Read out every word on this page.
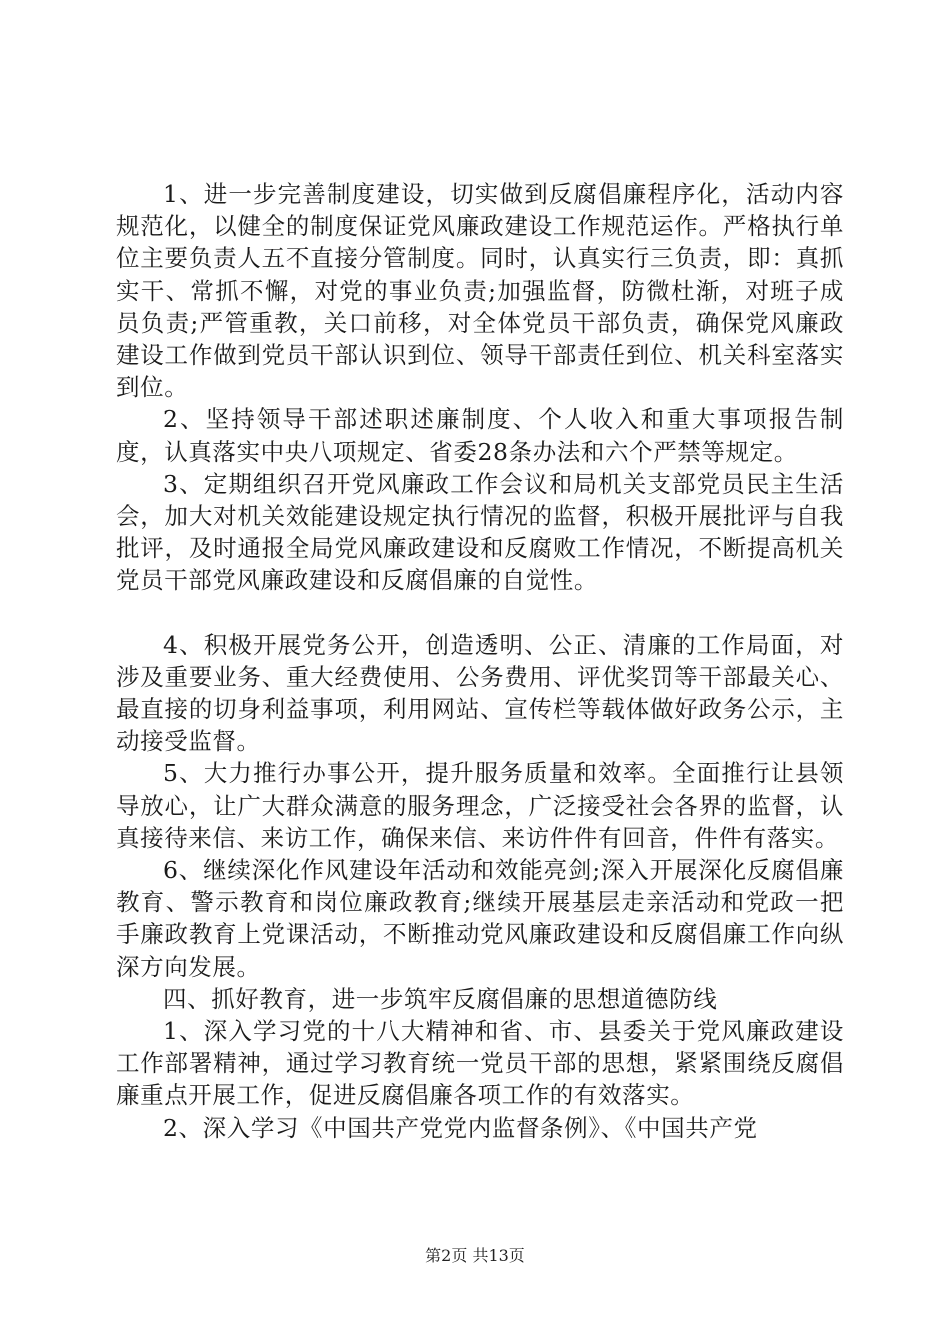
1、进一步完善制度建设，切实做到反腐倡廉程序化，活动内容规范化，以健全的制度保证党风廉政建设工作规范运作。严格执行单位主要负责人五不直接分管制度。同时，认真实行三负责，即：真抓实干、常抓不懈，对党的事业负责;加强监督，防微杜渐，对班子成员负责;严管重教，关口前移，对全体党员干部负责，确保党风廉政建设工作做到党员干部认识到位、领导干部责任到位、机关科室落实到位。

2、坚持领导干部述职述廉制度、个人收入和重大事项报告制度，认真落实中央八项规定、省委28条办法和六个严禁等规定。

3、定期组织召开党风廉政工作会议和局机关支部党员民主生活会，加大对机关效能建设规定执行情况的监督，积极开展批评与自我批评，及时通报全局党风廉政建设和反腐败工作情况，不断提高机关党员干部党风廉政建设和反腐倡廉的自觉性。

4、积极开展党务公开，创造透明、公正、清廉的工作局面，对涉及重要业务、重大经费使用、公务费用、评优奖罚等干部最关心、最直接的切身利益事项，利用网站、宣传栏等载体做好政务公示，主动接受监督。

5、大力推行办事公开，提升服务质量和效率。全面推行让县领导放心，让广大群众满意的服务理念，广泛接受社会各界的监督，认真接待来信、来访工作，确保来信、来访件件有回音，件件有落实。

6、继续深化作风建设年活动和效能亮剑;深入开展深化反腐倡廉教育、警示教育和岗位廉政教育;继续开展基层走亲活动和党政一把手廉政教育上党课活动，不断推动党风廉政建设和反腐倡廉工作向纵深方向发展。

四、抓好教育，进一步筑牢反腐倡廉的思想道德防线

1、深入学习党的十八大精神和省、市、县委关于党风廉政建设工作部署精神，通过学习教育统一党员干部的思想，紧紧围绕反腐倡廉重点开展工作，促进反腐倡廉各项工作的有效落实。

2、深入学习《中国共产党党内监督条例》、《中国共产党

第2页 共13页
